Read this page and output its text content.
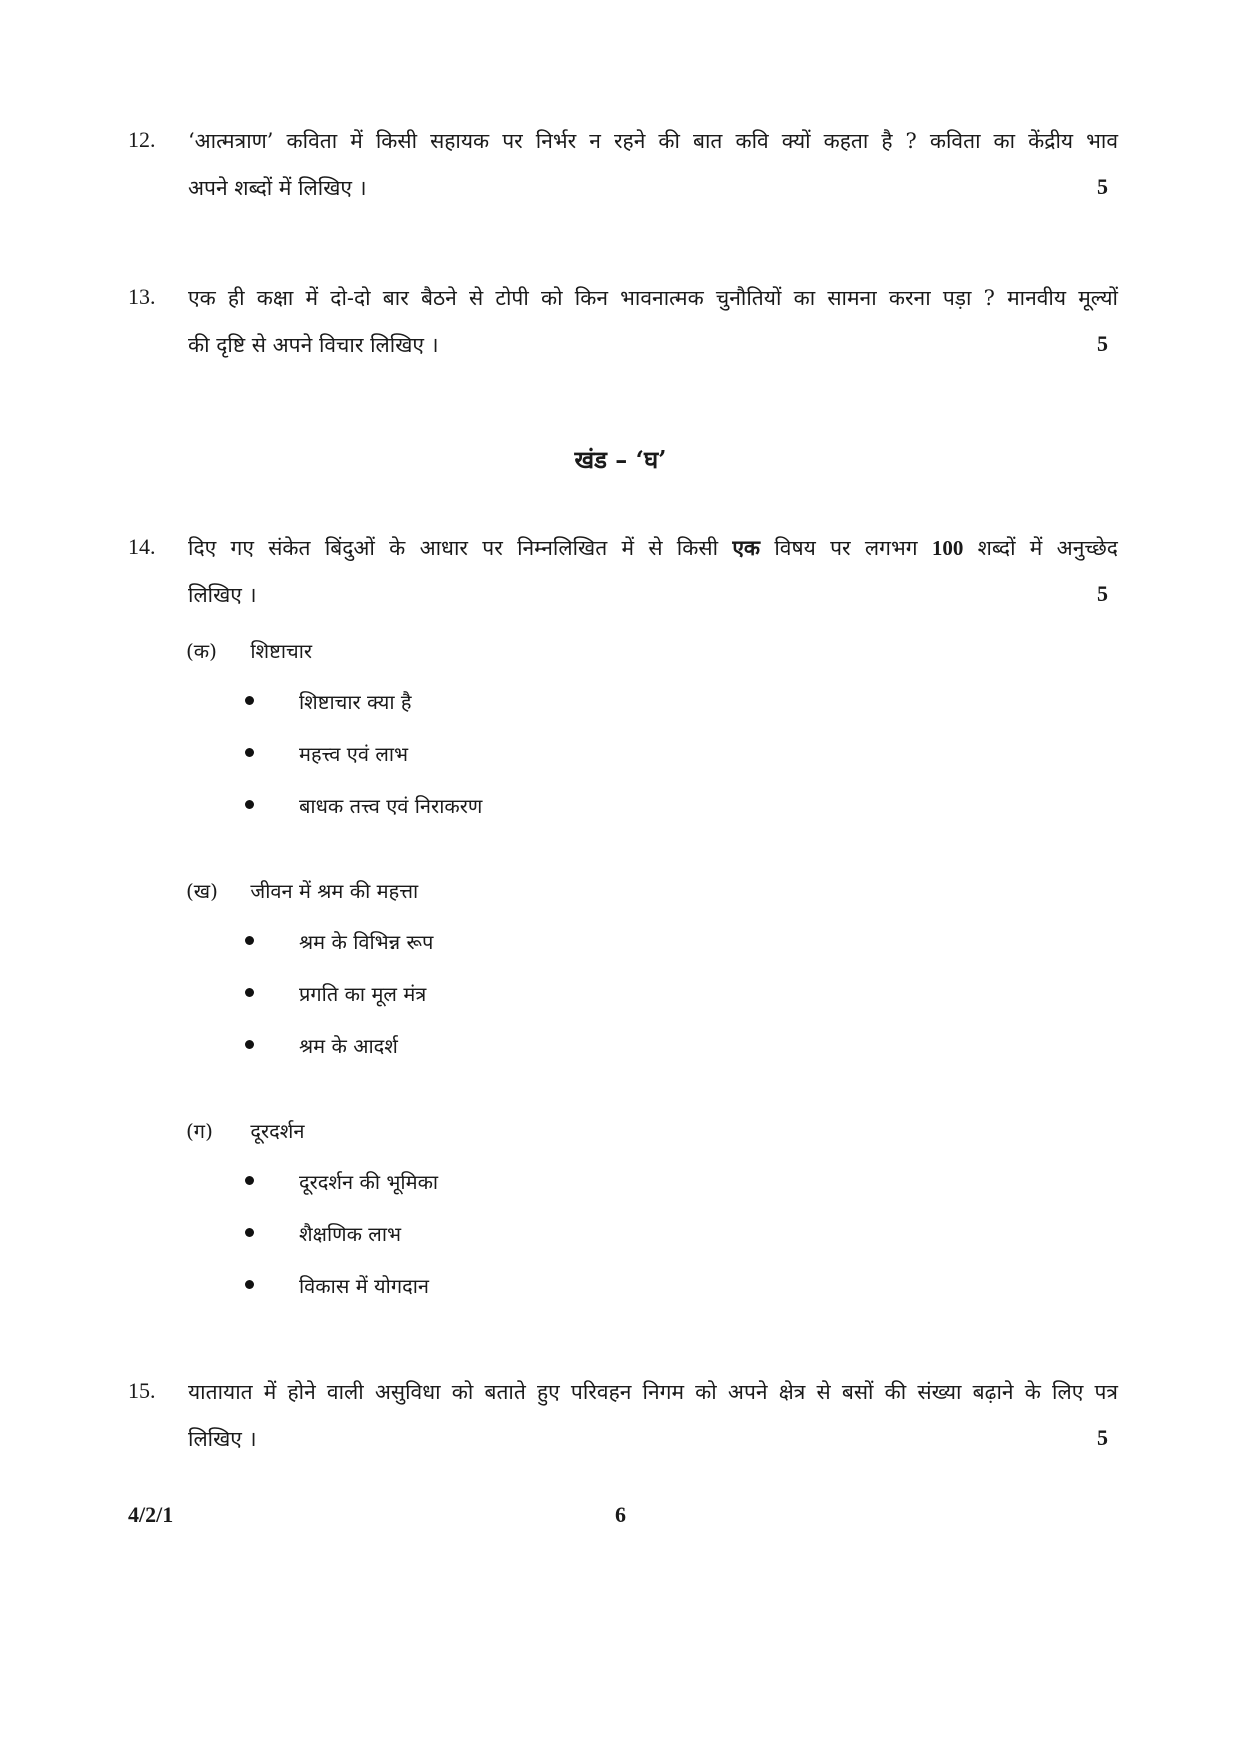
12. ‘आत्मत्राण’ कविता में किसी सहायक पर निर्भर न रहने की बात कवि क्यों कहता है ? कविता का केंद्रीय भाव
अपने शब्दों में लिखिए ।	5
13. एक ही कक्षा में दो-दो बार बैठने से टोपी को किन भावनात्मक चुनौतियों का सामना करना पड़ा ? मानवीय मूल्यों
की दृष्टि से अपने विचार लिखिए ।	5
खंड – ‘घ’
14. दिए गए संकेत बिंदुओं के आधार पर निम्नलिखित में से किसी एक विषय पर लगभग 100 शब्दों में अनुच्छेद
लिखिए ।	5
(क) शिष्टाचार
शिष्टाचार क्या है
महत्त्व एवं लाभ
बाधक तत्त्व एवं निराकरण
(ख) जीवन में श्रम की महत्ता
श्रम के विभिन्न रूप
प्रगति का मूल मंत्र
श्रम के आदर्श
(ग) दूरदर्शन
दूरदर्शन की भूमिका
शैक्षणिक लाभ
विकास में योगदान
15. यातायात में होने वाली असुविधा को बताते हुए परिवहन निगम को अपने क्षेत्र से बसों की संख्या बढ़ाने के लिए पत्र
लिखिए ।	5
4/2/1	6
